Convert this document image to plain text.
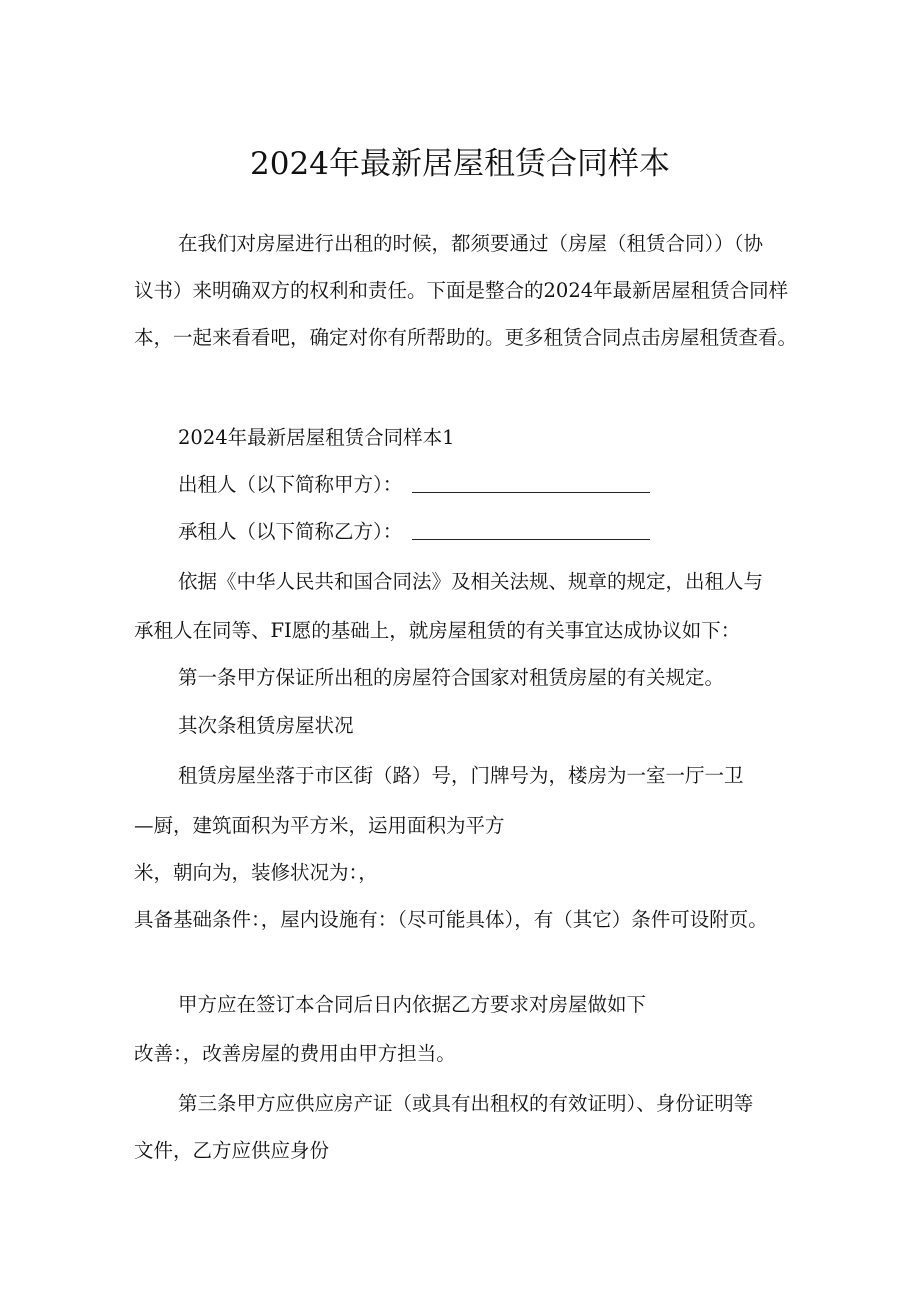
2024年最新居屋租赁合同样本

在我们对房屋进行出租的时候，都须要通过（房屋（租赁合同））（协

议书）来明确双方的权利和责任。下面是整合的2024年最新居屋租赁合同样

本，一起来看看吧，确定对你有所帮助的。更多租赁合同点击房屋租赁查看。

2024年最新居屋租赁合同样本1

出租人（以下简称甲方）：

承租人（以下简称乙方）：

依据《中华人民共和国合同法》及相关法规、规章的规定，出租人与

承租人在同等、FI愿的基础上，就房屋租赁的有关事宜达成协议如下：

第一条甲方保证所出租的房屋符合国家对租赁房屋的有关规定。

其次条租赁房屋状况

租赁房屋坐落于市区街（路）号，门牌号为，楼房为一室一厅一卫

—厨，建筑面积为平方米，运用面积为平方

米，朝向为，装修状况为：，

具备基础条件：，屋内设施有：（尽可能具体），有（其它）条件可设附页。

甲方应在签订本合同后日内依据乙方要求对房屋做如下

改善：，改善房屋的费用由甲方担当。

第三条甲方应供应房产证（或具有出租权的有效证明）、身份证明等

文件，乙方应供应身份
